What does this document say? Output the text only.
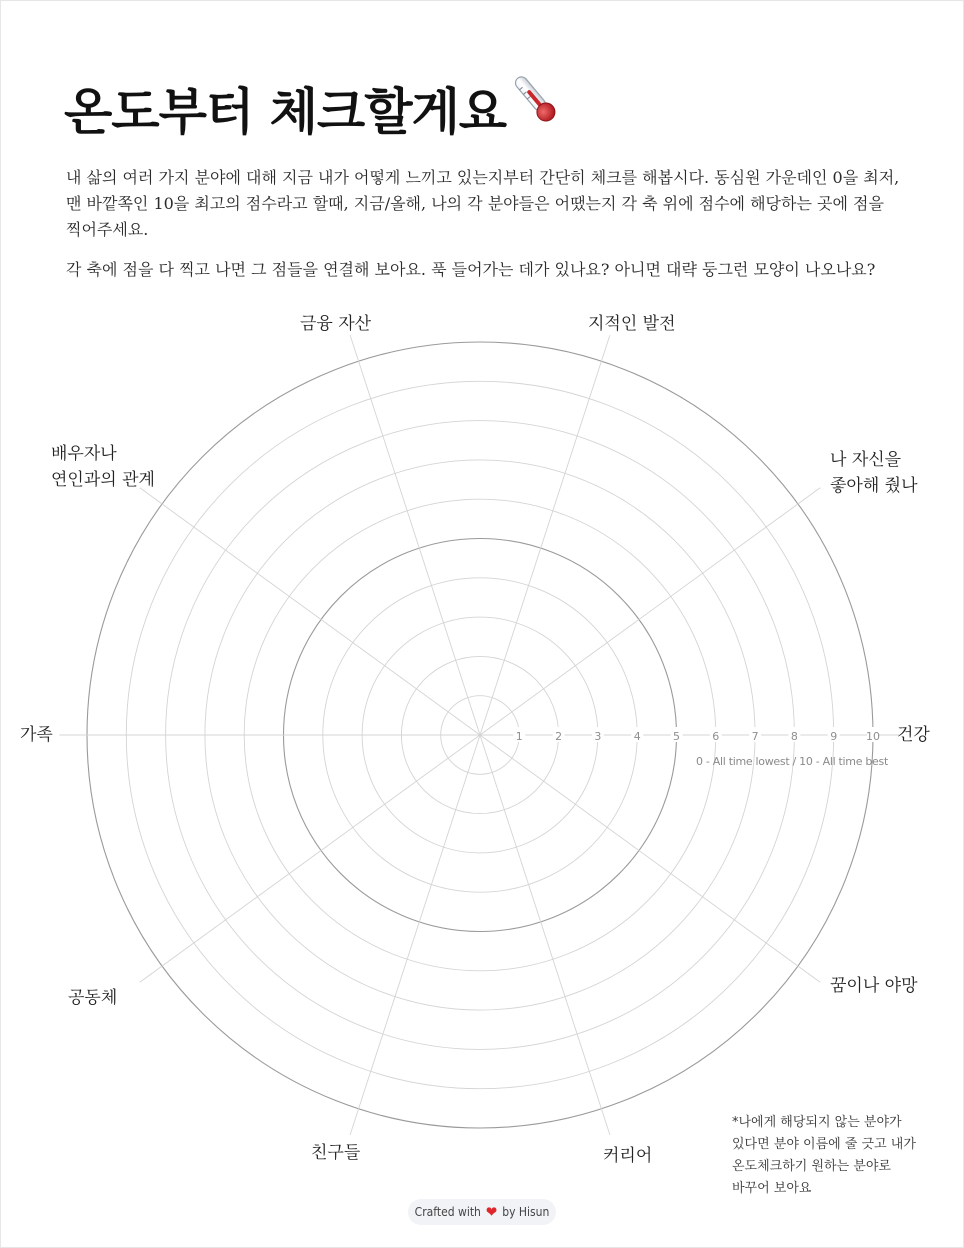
온도부터 체크할게요

내 삶의 여러 가지 분야에 대해 지금 내가 어떻게 느끼고 있는지부터 간단히 체크를 해봅시다. 동심원 가운데인 0을 최저, 맨 바깥쪽인 10을 최고의 점수라고 할때, 지금/올해, 나의 각 분야들은 어땠는지 각 축 위에 점수에 해당하는 곳에 점을 찍어주세요.

각 축에 점을 다 찍고 나면 그 점들을 연결해 보아요. 푹 들어가는 데가 있나요? 아니면 대략 둥그런 모양이 나오나요?

1	2	3	4	5	6	7	8	9	10
0 - All time lowest / 10 - All time best
건강
나 자신을
좋아해 줬나
지적인 발전
금융 자산
배우자나
연인과의 관계
가족
공동체
친구들	커리어
꿈이나 야망
*나에게 해당되지 않는 분야가
있다면 분야 이름에 줄 긋고 내가
온도체크하기 원하는 분야로
바꾸어 보아요
Crafted with ❤ by Hisun
